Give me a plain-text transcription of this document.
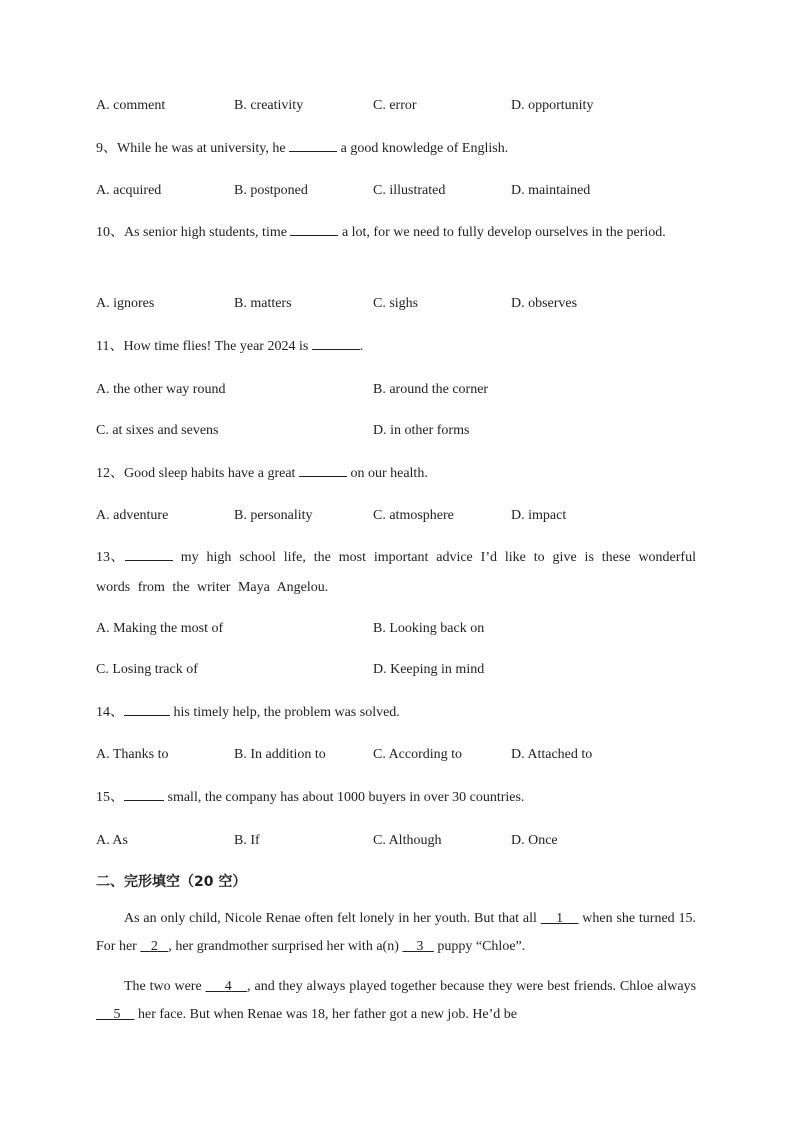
A. comment	B. creativity	C. error	D. opportunity
9、While he was at university, he	a good knowledge of English.
A. acquired	B. postponed	C. illustrated	D. maintained
10、As senior high students, time	a lot, for we need to fully develop ourselves in the period.
A. ignores	B. matters	C. sighs	D. observes
11、How time flies! The year 2024 is	.
A. the other way round	B. around the corner
C. at sixes and sevens	D. in other forms
12、Good sleep habits have a great	on our health.
A. adventure	B. personality	C. atmosphere	D. impact
13、	my high school life, the most important advice I’d like to give is these wonderful words from the writer Maya Angelou.
A. Making the most of	B. Looking back on
C. Losing track of	D. Keeping in mind
14、	his timely help, the problem was solved.
A. Thanks to	B. In addition to	C. According to	D. Attached to
15、	small, the company has about 1000 buyers in over 30 countries.
A. As	B. If	C. Although	D. Once
二、完形填空（20 空）
As an only child, Nicole Renae often felt lonely in her youth. But that all     1     when she turned 15. For her    2 , her grandmother surprised her with a(n)     3    puppy “Chloe”.
The two were      4 , and they always played together because they were best friends. Chloe always      5     her face. But when Renae was 18, her father got a new job. He’d be
